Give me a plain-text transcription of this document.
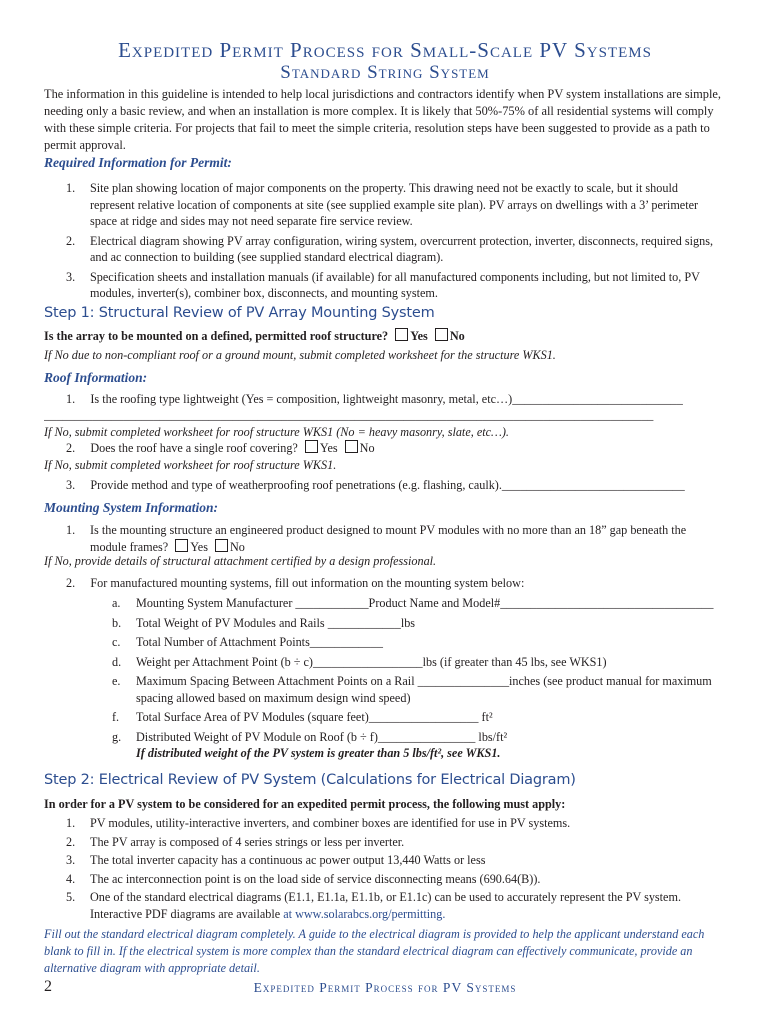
Expedited Permit Process for Small-Scale PV Systems
Standard String System
The information in this guideline is intended to help local jurisdictions and contractors identify when PV system installations are simple, needing only a basic review, and when an installation is more complex. It is likely that 50%-75% of all residential systems will comply with these simple criteria. For projects that fail to meet the simple criteria, resolution steps have been suggested to provide as a path to permit approval.
Required Information for Permit:
1. Site plan showing location of major components on the property. This drawing need not be exactly to scale, but it should represent relative location of components at site (see supplied example site plan). PV arrays on dwellings with a 3’ perimeter space at ridge and sides may not need separate fire service review.
2. Electrical diagram showing PV array configuration, wiring system, overcurrent protection, inverter, disconnects, required signs, and ac connection to building (see supplied standard electrical diagram).
3. Specification sheets and installation manuals (if available) for all manufactured components including, but not limited to, PV modules, inverter(s), combiner box, disconnects, and mounting system.
Step 1: Structural Review of PV Array Mounting System
Is the array to be mounted on a defined, permitted roof structure? Yes No
If No due to non-compliant roof or a ground mount, submit completed worksheet for the structure WKS1.
Roof Information:
1. Is the roofing type lightweight (Yes = composition, lightweight masonry, metal, etc…)____________________________
____________________________________________________________________________________________________
If No, submit completed worksheet for roof structure WKS1 (No = heavy masonry, slate, etc…).
2. Does the roof have a single roof covering? Yes No
If No, submit completed worksheet for roof structure WKS1.
3. Provide method and type of weatherproofing roof penetrations (e.g. flashing, caulk).______________________________
Mounting System Information:
1. Is the mounting structure an engineered product designed to mount PV modules with no more than an 18” gap beneath the module frames? Yes No
If No, provide details of structural attachment certified by a design professional.
2. For manufactured mounting systems, fill out information on the mounting system below:
a. Mounting System Manufacturer ____________Product Name and Model#___________________________________
b. Total Weight of PV Modules and Rails ____________lbs
c. Total Number of Attachment Points____________
d. Weight per Attachment Point (b ÷ c)__________________lbs (if greater than 45 lbs, see WKS1)
e. Maximum Spacing Between Attachment Points on a Rail _______________inches (see product manual for maximum spacing allowed based on maximum design wind speed)
f. Total Surface Area of PV Modules (square feet)__________________ ft²
g. Distributed Weight of PV Module on Roof (b ÷ f)________________ lbs/ft²
If distributed weight of the PV system is greater than 5 lbs/ft², see WKS1.
Step 2: Electrical Review of PV System (Calculations for Electrical Diagram)
In order for a PV system to be considered for an expedited permit process, the following must apply:
1. PV modules, utility-interactive inverters, and combiner boxes are identified for use in PV systems.
2. The PV array is composed of 4 series strings or less per inverter.
3. The total inverter capacity has a continuous ac power output 13,440 Watts or less
4. The ac interconnection point is on the load side of service disconnecting means (690.64(B)).
5. One of the standard electrical diagrams (E1.1, E1.1a, E1.1b, or E1.1c) can be used to accurately represent the PV system. Interactive PDF diagrams are available at www.solarabcs.org/permitting.
Fill out the standard electrical diagram completely. A guide to the electrical diagram is provided to help the applicant understand each blank to fill in. If the electrical system is more complex than the standard electrical diagram can effectively communicate, provide an alternative diagram with appropriate detail.
2	Expedited Permit Process for PV Systems
